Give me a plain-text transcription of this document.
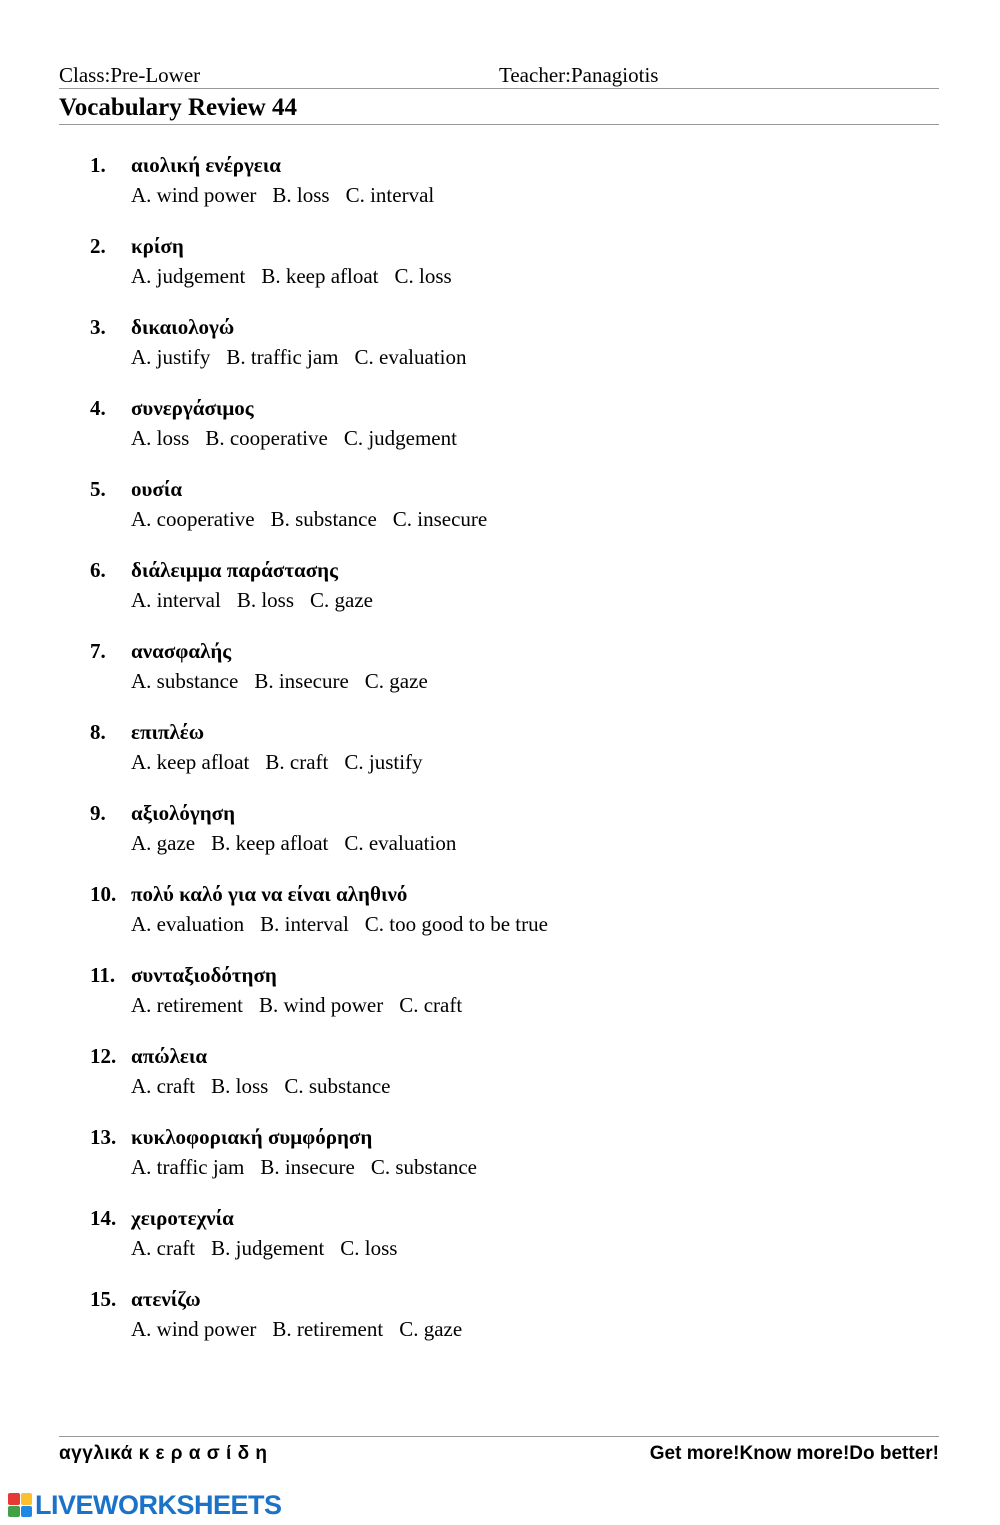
Class:Pre-Lower	Teacher:Panagiotis
Vocabulary Review 44
1. αιολική ενέργεια
A. wind power B. loss C. interval
2. κρίση
A. judgement B. keep afloat C. loss
3. δικαιολογώ
A. justify B. traffic jam C. evaluation
4. συνεργάσιμος
A. loss B. cooperative C. judgement
5. ουσία
A. cooperative B. substance C. insecure
6. διάλειμμα παράστασης
A. interval B. loss C. gaze
7. ανασφαλής
A. substance B. insecure C. gaze
8. επιπλέω
A. keep afloat B. craft C. justify
9. αξιολόγηση
A. gaze B. keep afloat C. evaluation
10. πολύ καλό για να είναι αληθινό
A. evaluation B. interval C. too good to be true
11. συνταξιοδότηση
A. retirement B. wind power C. craft
12. απώλεια
A. craft B. loss C. substance
13. κυκλοφοριακή συμφόρηση
A. traffic jam B. insecure C. substance
14. χειροτεχνία
A. craft B. judgement C. loss
15. ατενίζω
A. wind power B. retirement C. gaze
αγγλικά κ ε ρ α σ ί δ η	Get more!Know more!Do better!
LIVEWORKSHEETS
